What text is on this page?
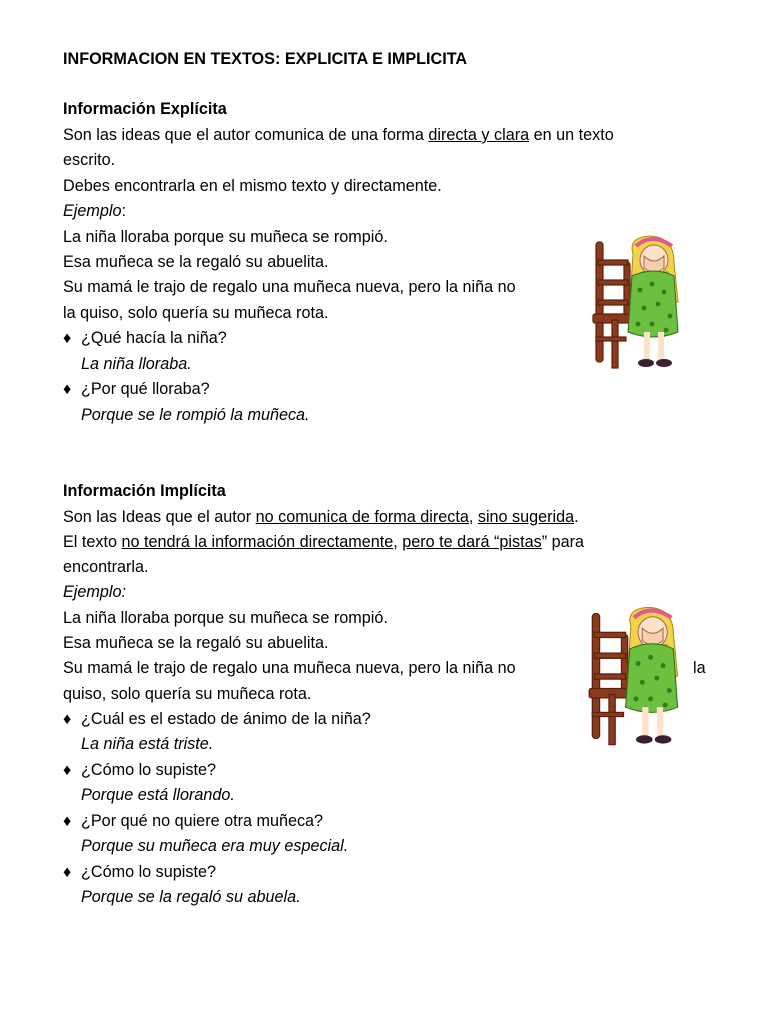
INFORMACION EN TEXTOS: EXPLICITA E IMPLICITA
Información Explícita
Son las ideas que el autor comunica de una forma directa y clara en un texto
escrito.
Debes encontrarla en el mismo texto y directamente.
Ejemplo:
La niña lloraba porque su muñeca se rompió.
Esa muñeca se la regaló su abuelita.
Su mamá le trajo de regalo una muñeca nueva, pero la niña no
la quiso, solo quería su muñeca rota.
♦ ¿Qué hacía la niña?
La niña lloraba.
♦ ¿Por qué lloraba?
Porque se le rompió la muñeca.
Información Implícita
Son las Ideas que el autor no comunica de forma directa, sino sugerida.
El texto no tendrá la información directamente, pero te dará “pistas” para
encontrarla.
Ejemplo:
La niña lloraba porque su muñeca se rompió.
Esa muñeca se la regaló su abuelita.
Su mamá le trajo de regalo una muñeca nueva, pero la niña no	la
quiso, solo quería su muñeca rota.
♦ ¿Cuál es el estado de ánimo de la niña?
La niña está triste.
♦ ¿Cómo lo supiste?
Porque está llorando.
♦ ¿Por qué no quiere otra muñeca?
Porque su muñeca era muy especial.
♦ ¿Cómo lo supiste?
Porque se la regaló su abuela.
